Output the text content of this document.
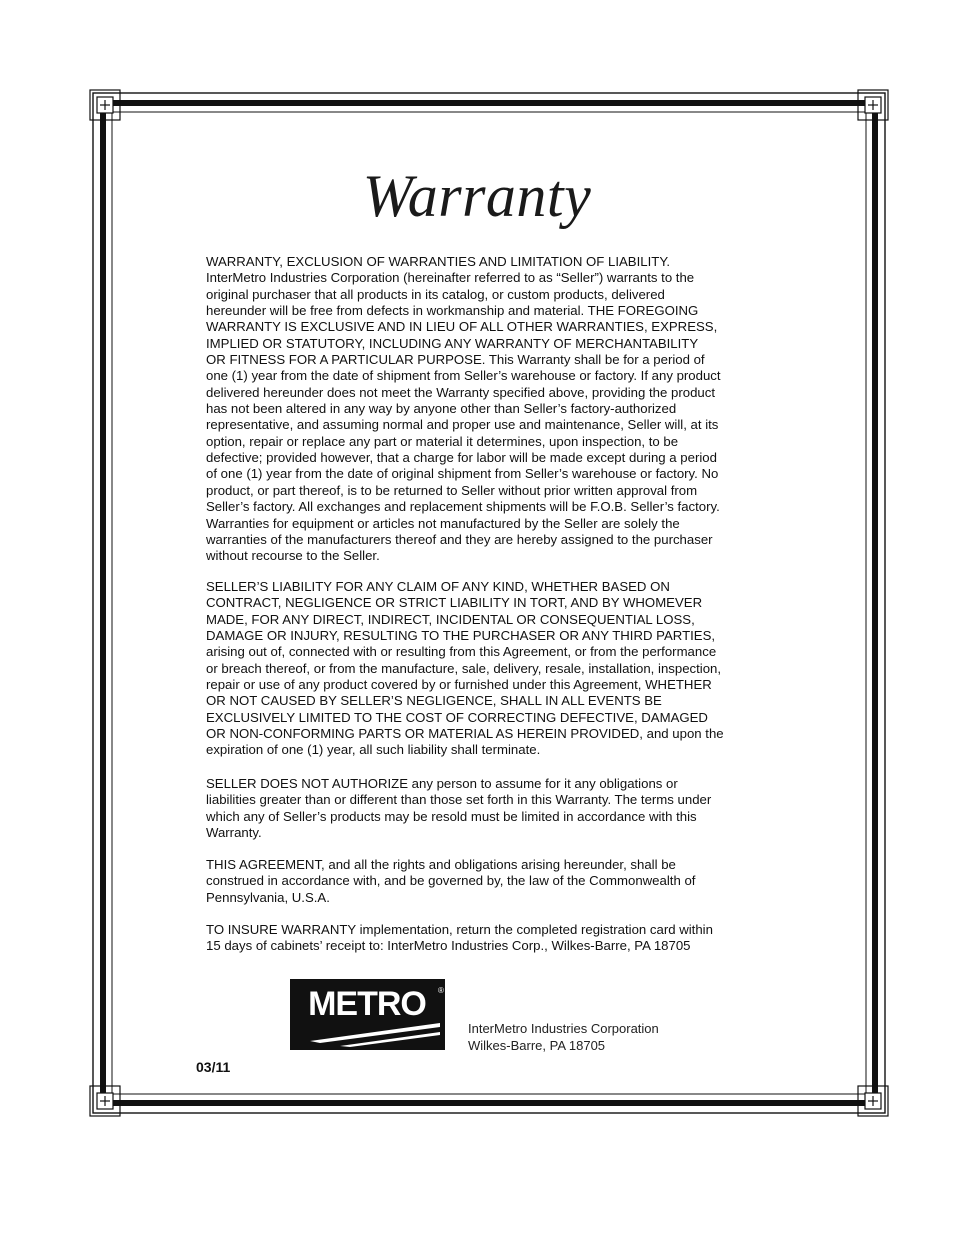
Warranty
WARRANTY, EXCLUSION OF WARRANTIES AND LIMITATION OF LIABILITY.
InterMetro Industries Corporation (hereinafter referred to as “Seller”) warrants to the
original purchaser that all products in its catalog, or custom products, delivered
hereunder will be free from defects in workmanship and material. THE FOREGOING
WARRANTY IS EXCLUSIVE AND IN LIEU OF ALL OTHER WARRANTIES, EXPRESS,
IMPLIED OR STATUTORY, INCLUDING ANY WARRANTY OF MERCHANTABILITY
OR FITNESS FOR A PARTICULAR PURPOSE. This Warranty shall be for a period of
one (1) year from the date of shipment from Seller’s warehouse or factory. If any product
delivered hereunder does not meet the Warranty specified above, providing the product
has not been altered in any way by anyone other than Seller’s factory-authorized
representative, and assuming normal and proper use and maintenance, Seller will, at its
option, repair or replace any part or material it determines, upon inspection, to be
defective; provided however, that a charge for labor will be made except during a period
of one (1) year from the date of original shipment from Seller’s warehouse or factory. No
product, or part thereof, is to be returned to Seller without prior written approval from
Seller’s factory. All exchanges and replacement shipments will be F.O.B. Seller’s factory.
Warranties for equipment or articles not manufactured by the Seller are solely the
warranties of the manufacturers thereof and they are hereby assigned to the purchaser
without recourse to the Seller.
SELLER’S LIABILITY FOR ANY CLAIM OF ANY KIND, WHETHER BASED ON
CONTRACT, NEGLIGENCE OR STRICT LIABILITY IN TORT, AND BY WHOMEVER
MADE, FOR ANY DIRECT, INDIRECT, INCIDENTAL OR CONSEQUENTIAL LOSS,
DAMAGE OR INJURY, RESULTING TO THE PURCHASER OR ANY THIRD PARTIES,
arising out of, connected with or resulting from this Agreement, or from the performance
or breach thereof, or from the manufacture, sale, delivery, resale, installation, inspection,
repair or use of any product covered by or furnished under this Agreement, WHETHER
OR NOT CAUSED BY SELLER’S NEGLIGENCE, SHALL IN ALL EVENTS BE
EXCLUSIVELY LIMITED TO THE COST OF CORRECTING DEFECTIVE, DAMAGED
OR NON-CONFORMING PARTS OR MATERIAL AS HEREIN PROVIDED, and upon the
expiration of one (1) year, all such liability shall terminate.
SELLER DOES NOT AUTHORIZE any person to assume for it any obligations or
liabilities greater than or different than those set forth in this Warranty. The terms under
which any of Seller’s products may be resold must be limited in accordance with this
Warranty.
THIS AGREEMENT, and all the rights and obligations arising hereunder, shall be
construed in accordance with, and be governed by, the law of the Commonwealth of
Pennsylvania, U.S.A.
TO INSURE WARRANTY implementation, return the completed registration card within
15 days of cabinets’ receipt to: InterMetro Industries Corp., Wilkes-Barre, PA 18705
METRO ®
InterMetro Industries Corporation
Wilkes-Barre, PA 18705
03/11
